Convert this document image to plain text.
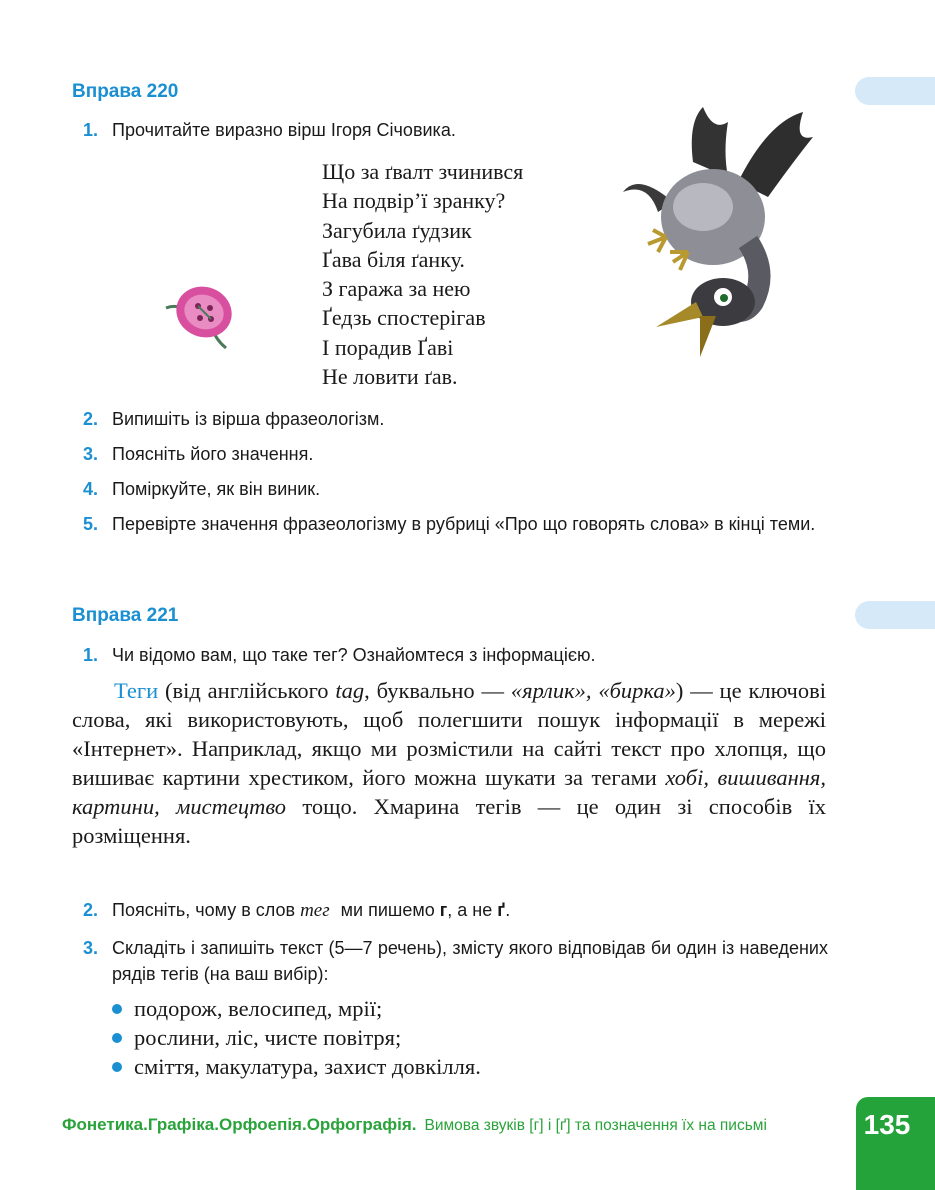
Вправа 220
1. Прочитайте виразно вірш Ігоря Січовика.
Що за ґвалт зчинився
На подвір’ї зранку?
Загубила ґудзик
Ґава біля ґанку.
З гаража за нею
Ґедзь спостерігав
І порадив Ґаві
Не ловити ґав.
2. Випишіть із вірша фразеологізм.
3. Поясніть його значення.
4. Поміркуйте, як він виник.
5. Перевірте значення фразеологізму в рубриці «Про що говорять слова» в кінці теми.
Вправа 221
1. Чи відомо вам, що таке тег? Ознайомтеся з інформацією.
Теги (від англійського tag, буквально — «ярлик», «бирка») — це ключові слова, які використовують, щоб полегшити пошук інформації в мережі «Інтернет». Наприклад, якщо ми розмістили на сайті текст про хлопця, що вишиває картини хрестиком, його можна шукати за тегами хобі, вишивання, картини, мистецтво тощо. Хмарина тегів — це один зі способів їх розміщення.
2. Поясніть, чому в слов тег ми пишемо г, а не ґ.
3. Складіть і запишіть текст (5—7 речень), змісту якого відповідав би один із наведених рядів тегів (на ваш вибір):
подорож, велосипед, мрії;
рослини, ліс, чисте повітря;
сміття, макулатура, захист довкілля.
Фонетика.Графіка.Орфоепія.Орфографія. Вимова звуків [г] і [ґ] та позначення їх на письмі	135
